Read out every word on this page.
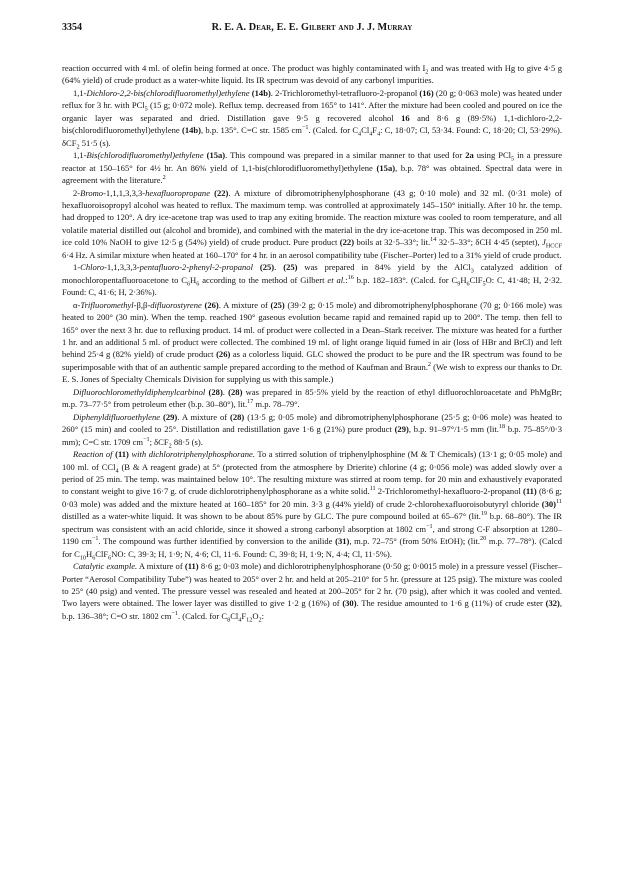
3354	R. E. A. Dear, E. E. Gilbert and J. J. Murray

reaction occurred with 4 ml. of olefin being formed at once. The product was highly contaminated with $I_2$ and was treated with Hg to give 4·5 g (64% yield) of crude product as a water-white liquid. Its IR spectrum was devoid of any carbonyl impurities.

1,1-Dichloro-2,2-bis(chlorodifluoromethyl)ethylene (14b). 2-Trichloromethyl-tetrafluoro-2-propanol (16) (20 g; 0·063 mole) was heated under reflux for 3 hr. with PCl$_5$ (15 g; 0·072 mole). Reflux temp. decreased from 165° to 141°. After the mixture had been cooled and poured on ice the organic layer was separated and dried. Distillation gave 9·5 g recovered alcohol 16 and 8·6 g (89·5%) 1,1-dichloro-2,2-bis(chlorodifluoromethyl)ethylene (14b), b.p. 135°. C=C str. 1585 $cm^{-1}$. (Calcd. for $C_4Cl_4F_4$: C, 18·07; Cl, 53·34. Found: C, 18·20; Cl, 53·29%). δCF$_2$ 51·5 (s).

1,1-Bis(chlorodifluoromethyl)ethylene (15a). This compound was prepared in a similar manner to that used for 2a using PCl$_5$ in a pressure reactor at 150–165° for 4½ hr. An 86% yield of 1,1-bis(chlorodifluoromethyl)ethylene (15a), b.p. 78° was obtained. Spectral data were in agreement with the literature.$^2$

2-Bromo-1,1,1,3,3,3-hexafluoropropane (22). A mixture of dibromotriphenylphosphorane (43 g; 0·10 mole) and 32 ml. (0·31 mole) of hexafluoroisopropyl alcohol was heated to reflux. The maximum temp. was controlled at approximately 145–150° initially. After 10 hr. the temp. had dropped to 120°. A dry ice-acetone trap was used to trap any exiting bromide. The reaction mixture was cooled to room temperature, and all volatile material distilled out (alcohol and bromide), and combined with the material in the dry ice-acetone trap. This was decomposed in 250 ml. ice cold 10% NaOH to give 12·5 g (54%) yield) of crude product. Pure product (22) boils at 32·5–33°; lit.$^{14}$ 32·5–33°; δCH 4·45 (septet), $J_{HCCF}$ 6·4 Hz. A similar mixture when heated at 160–170° for 4 hr. in an aerosol compatibility tube (Fischer–Porter) led to a 31% yield of crude product.

1-Chloro-1,1,3,3,3-pentafluoro-2-phenyl-2-propanol (25). (25) was prepared in 84% yield by the AlCl$_3$ catalyzed addition of monochloropentafluoroacetone to $C_6H_6$ according to the method of Gilbert et al.:$^{16}$ b.p. 182–183°. (Calcd. for $C_9H_6ClF_5O$: C, 41·48; H, 2·32. Found: C, 41·6; H, 2·36%).

α-Trifluoromethyl-β,β-difluorostyrene (26). A mixture of (25) (39·2 g; 0·15 mole) and dibromotriphenylphosphorane (70 g; 0·166 mole) was heated to 200° (30 min). When the temp. reached 190° gaseous evolution became rapid and remained rapid up to 200°. The temp. then fell to 165° over the next 3 hr. due to refluxing product. 14 ml. of product were collected in a Dean–Stark receiver. The mixture was heated for a further 1 hr. and an additional 5 ml. of product were collected. The combined 19 ml. of light orange liquid fumed in air (loss of HBr and BrCl) and left behind 25·4 g (82% yield) of crude product (26) as a colorless liquid. GLC showed the product to be pure and the IR spectrum was found to be superimposable with that of an authentic sample prepared according to the method of Kaufman and Braun.$^2$ (We wish to express our thanks to Dr. E. S. Jones of Specialty Chemicals Division for supplying us with this sample.)

Difluorochloromethyldiphenylcarbinol (28). (28) was prepared in 85·5% yield by the reaction of ethyl difluorochloroacetate and PhMgBr; m.p. 73–77·5° from petroleum ether (b.p. 30–80°), lit.$^{17}$ m.p. 78–79°.

Diphenyldifluoroethylene (29). A mixture of (28) (13·5 g; 0·05 mole) and dibromotriphenylphosphorane (25·5 g; 0·06 mole) was heated to 260° (15 min) and cooled to 25°. Distillation and redistillation gave 1·6 g (21%) pure product (29), b.p. 91–97°/1·5 mm (lit.$^{18}$ b.p. 75–85°/0·3 mm); C=C str. 1709 $cm^{-1}$; δCF$_2$ 88·5 (s).

Reaction of (11) with dichlorotriphenylphosphorane. To a stirred solution of triphenylphosphine (M & T Chemicals) (13·1 g; 0·05 mole) and 100 ml. of CCl$_4$ (B & A reagent grade) at 5° (protected from the atmosphere by Drierite) chlorine (4 g; 0·056 mole) was added slowly over a period of 25 min. The temp. was maintained below 10°. The resulting mixture was stirred at room temp. for 20 min and exhaustively evaporated to constant weight to give 16·7 g. of crude dichlorotriphenylphosphorane as a white solid.$^{11}$ 2-Trichloromethyl-hexafluoro-2-propanol (11) (8·6 g; 0·03 mole) was added and the mixture heated at 160–185° for 20 min. 3·3 g (44% yield) of crude 2-chlorohexafluoroisobutyryl chloride $(30)^{11}$ distilled as a water-white liquid. It was shown to be about 85% pure by GLC. The pure compound boiled at 65–67° (lit.$^{19}$ b.p. 68–80°). The IR spectrum was consistent with an acid chloride, since it showed a strong carbonyl absorption at 1802 $cm^{-1}$, and strong C-F absorption at 1280–1190 $cm^{-1}$. The compound was further identified by conversion to the anilide (31), m.p. 72–75° (from 50% EtOH); (lit.$^{20}$ m.p. 77–78°). (Calcd for $C_{10}H_6ClF_6NO$: C, 39·3; H, 1·9; N, 4·6; Cl, 11·6. Found: C, 39·8; H, 1·9; N, 4·4; Cl, 11·5%).

Catalytic example. A mixture of (11) 8·6 g; 0·03 mole) and dichlorotriphenylphosphorane (0·50 g; 0·0015 mole) in a pressure vessel (Fischer–Porter “Aerosol Compatibility Tube”) was heated to 205° over 2 hr. and held at 205–210° for 5 hr. (pressure at 125 psig). The mixture was cooled to 25° (40 psig) and vented. The pressure vessel was resealed and heated at 200–205° for 2 hr. (70 psig), after which it was cooled and vented. Two layers were obtained. The lower layer was distilled to give 1·2 g (16%) of (30). The residue amounted to 1·6 g (11%) of crude ester (32), b.p. 136–38°; C=O str. 1802 $cm^{-1}$. (Calcd. for $C_8Cl_4F_{12}O_2$:
